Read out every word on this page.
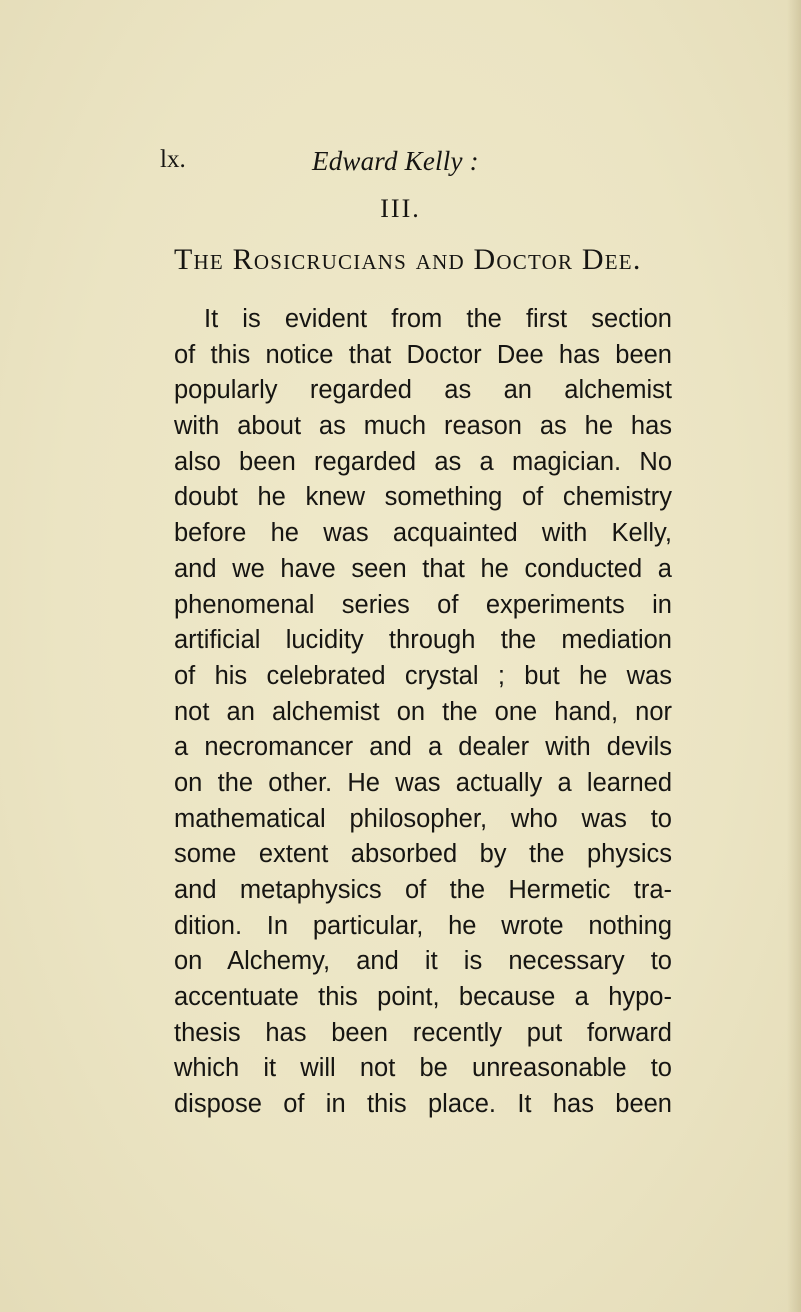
lx.	Edward Kelly :
III.
The Rosicrucians and Doctor Dee.
It is evident from the first section
of this notice that Doctor Dee has been
popularly regarded as an alchemist
with about as much reason as he has
also been regarded as a magician. No
doubt he knew something of chemistry
before he was acquainted with Kelly,
and we have seen that he conducted a
phenomenal series of experiments in
artificial lucidity through the mediation
of his celebrated crystal ; but he was
not an alchemist on the one hand, nor
a necromancer and a dealer with devils
on the other. He was actually a learned
mathematical philosopher, who was to
some extent absorbed by the physics
and metaphysics of the Hermetic tra-
dition. In particular, he wrote nothing
on Alchemy, and it is necessary to
accentuate this point, because a hypo-
thesis has been recently put forward
which it will not be unreasonable to
dispose of in this place. It has been
